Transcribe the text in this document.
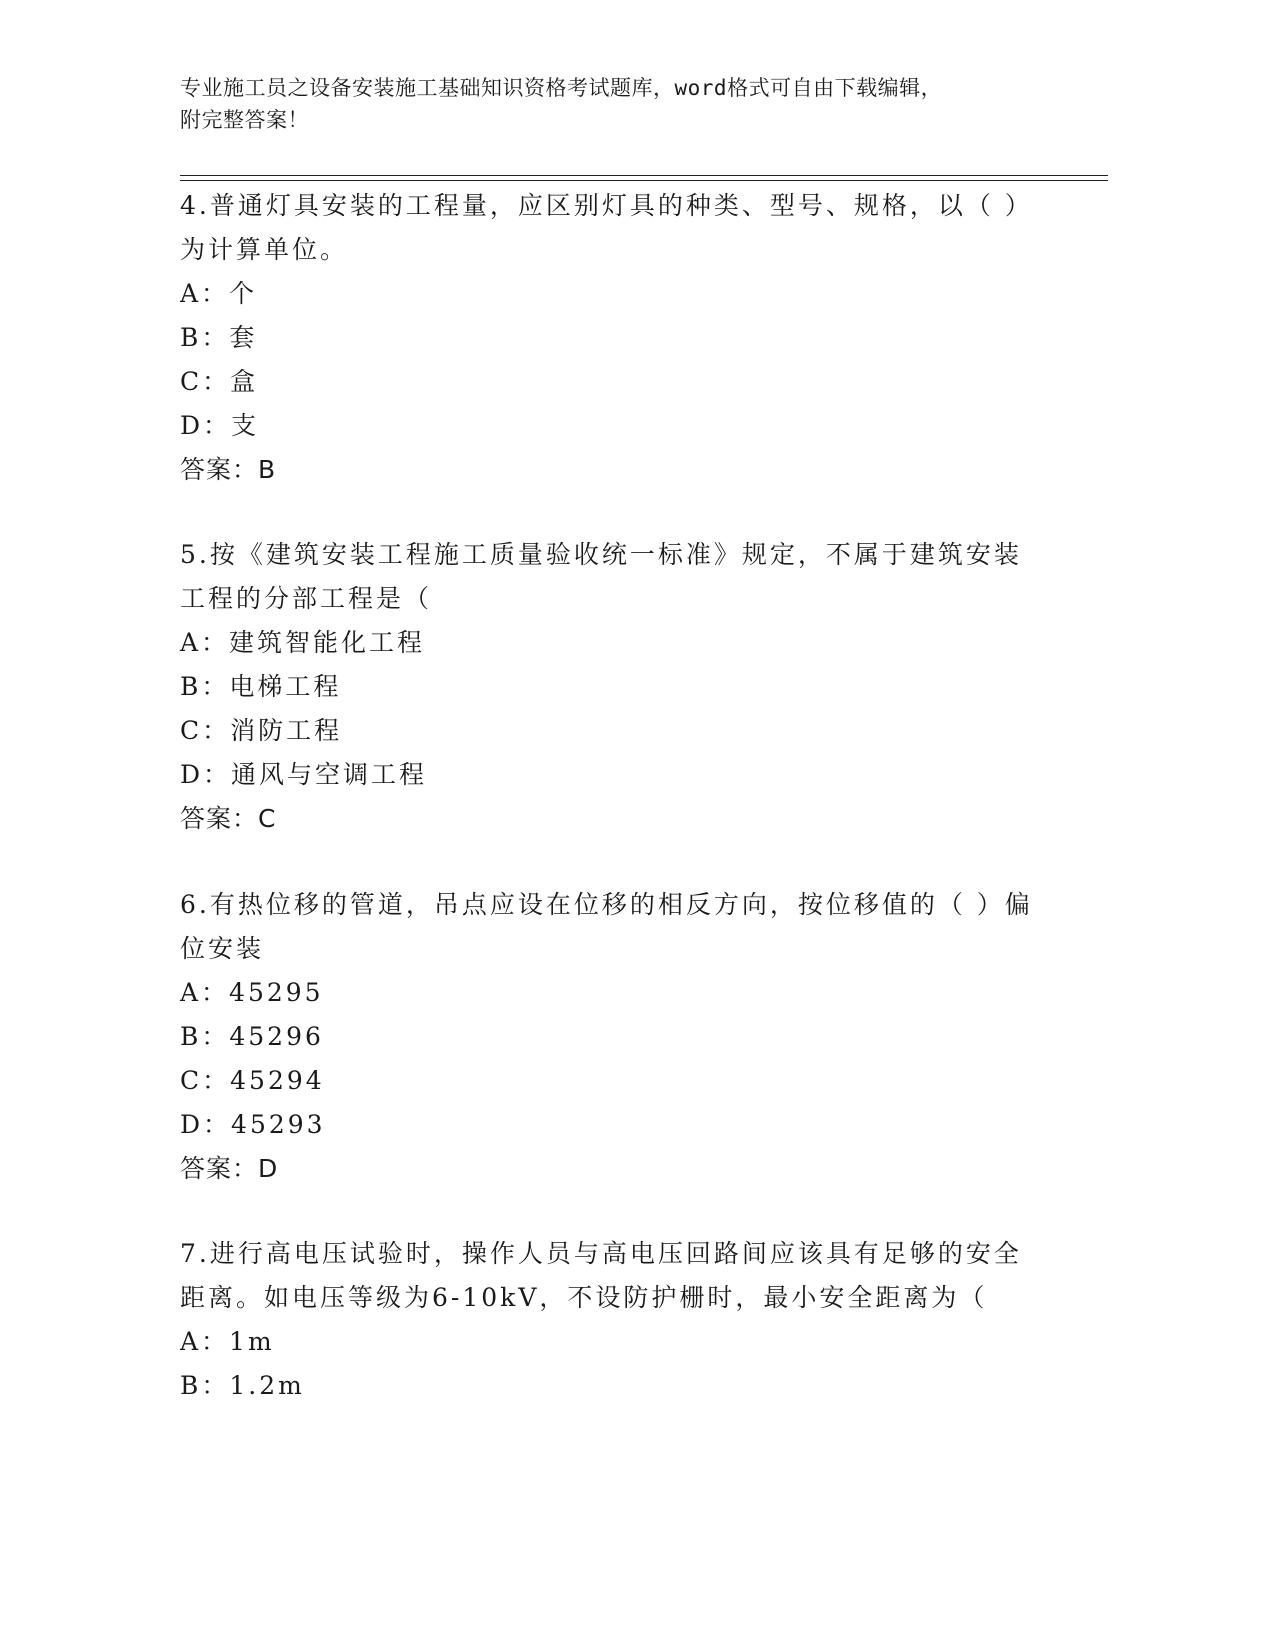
专业施工员之设备安装施工基础知识资格考试题库，word格式可自由下载编辑，
附完整答案！
4.普通灯具安装的工程量，应区别灯具的种类、型号、规格，以（ ）
为计算单位。
A：个
B：套
C：盒
D：支
答案：B
5.按《建筑安装工程施工质量验收统一标准》规定，不属于建筑安装
工程的分部工程是（
A：建筑智能化工程
B：电梯工程
C：消防工程
D：通风与空调工程
答案：C
6.有热位移的管道，吊点应设在位移的相反方向，按位移值的（ ）偏
位安装
A：45295
B：45296
C：45294
D：45293
答案：D
7.进行高电压试验时，操作人员与高电压回路间应该具有足够的安全
距离。如电压等级为6-10kV，不设防护栅时，最小安全距离为（
A：1m
B：1.2m
